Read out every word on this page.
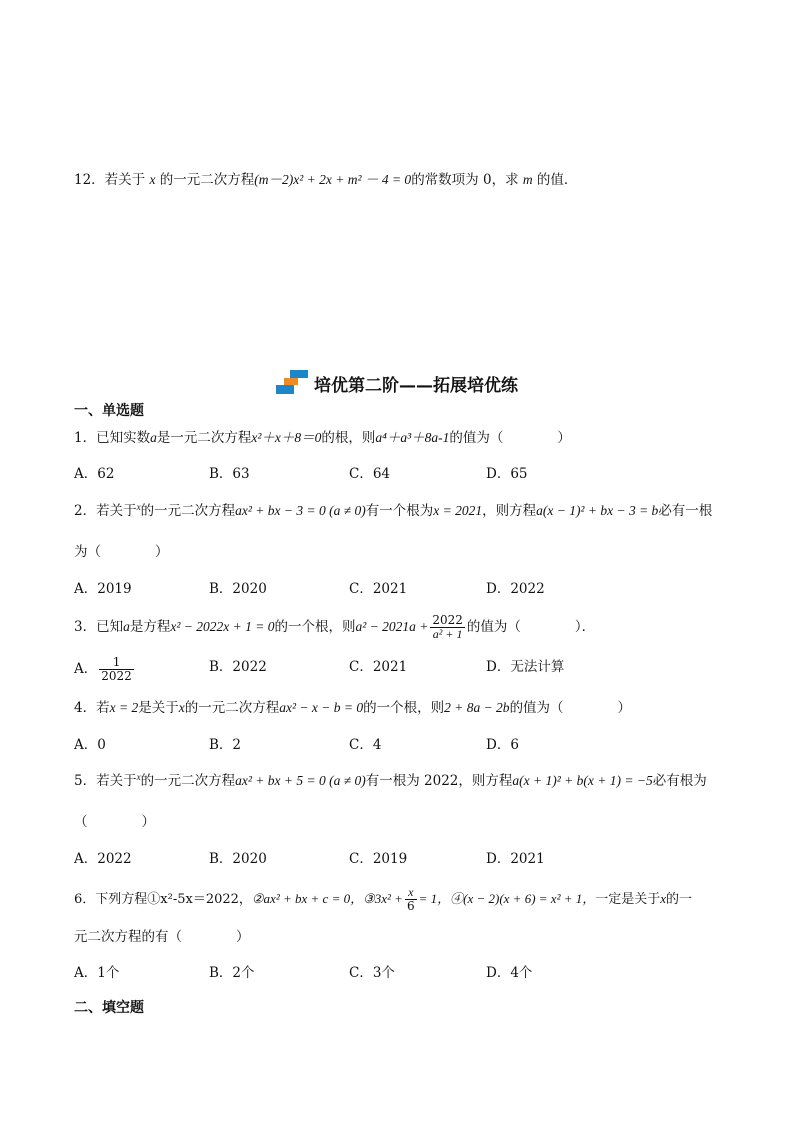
12．若关于 x 的一元二次方程(m－2)x² + 2x + m² － 4 = 0的常数项为 0，求 m 的值．
培优第二阶——拓展培优练
一、单选题
1．已知实数a是一元二次方程x²＋x＋8＝0的根，则a⁴＋a³＋8a-1的值为（　　　　）
A．62	B．63	C．64	D．65
2．若关于$^x$的一元二次方程ax² + bx − 3 = 0 (a ≠ 0)有一个根为x = 2021，则方程a(x − 1)² + bx − 3 = b必有一根
为（　　　　）
A．2019	B．2020	C．2021	D．2022
3．已知a是方程x² − 2022x + 1 = 0的一个根，则$a^2 - 2021a + \frac{2022}{\text{a² + 1}}$ 的值为（　　　　）．
A． $\frac{1}{2022}$	B．2022	C．2021	D．无法计算
4．若x = 2是关于x的一元二次方程ax² − x − b = 0的一个根，则2 + 8a − 2b的值为（　　　　）
A．0	B．2	C．4	D．6
5．若关于$^x$的一元二次方程ax² + bx + 5 = 0 (a ≠ 0)有一根为 2022，则方程a(x + 1)² + b(x + 1) = −5必有根为
（　　　　）
A．2022	B．2020	C．2019	D．2021
6．下列方程①x²-5x＝2022，②ax² + bx + c = 0，③3x² + $\frac{x}{6} = 1$，④(x − 2)(x + 6) = x² + 1，一定是关于x的一
元二次方程的有（　　　　）
A．1个	B．2个	C．3个	D．4个
二、填空题
